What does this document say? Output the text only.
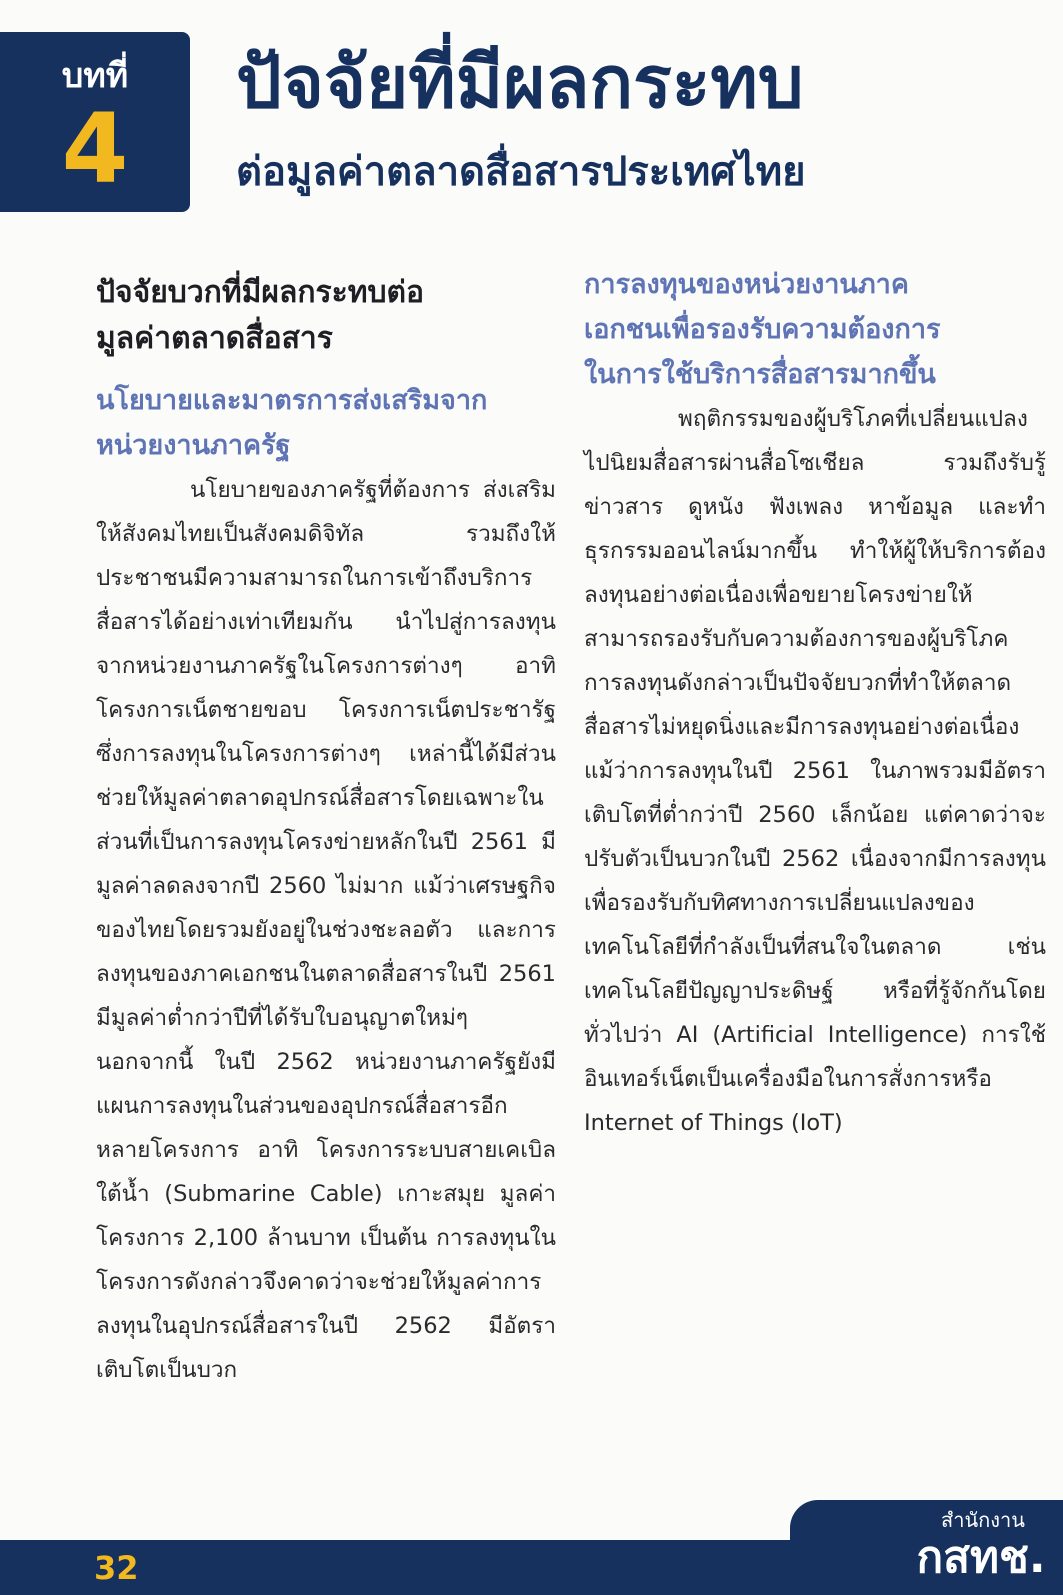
บทที่
4
ปัจจัยที่มีผลกระทบ
ต่อมูลค่าตลาดสื่อสารประเทศไทย
ปัจจัยบวกที่มีผลกระทบต่อ
มูลค่าตลาดสื่อสาร
นโยบายและมาตรการส่งเสริมจาก
หน่วยงานภาครัฐ

นโยบายของภาครัฐที่ต้องการ ส่งเสริมให้สังคมไทยเป็นสังคมดิจิทัล รวมถึงให้ประชาชนมีความสามารถในการเข้าถึงบริการสื่อสารได้อย่างเท่าเทียมกัน นำไปสู่การลงทุนจากหน่วยงานภาครัฐในโครงการต่างๆ อาทิ โครงการเน็ตชายขอบ โครงการเน็ตประชารัฐ ซึ่งการลงทุนในโครงการต่างๆ เหล่านี้ได้มีส่วนช่วยให้มูลค่าตลาดอุปกรณ์สื่อสารโดยเฉพาะในส่วนที่เป็นการลงทุนโครงข่ายหลักในปี 2561 มีมูลค่าลดลงจากปี 2560 ไม่มาก แม้ว่าเศรษฐกิจของไทยโดยรวมยังอยู่ในช่วงชะลอตัว และการลงทุนของภาคเอกชนในตลาดสื่อสารในปี 2561 มีมูลค่าต่ำกว่าปีที่ได้รับใบอนุญาตใหม่ๆ นอกจากนี้ ในปี 2562 หน่วยงานภาครัฐยังมีแผนการลงทุนในส่วนของอุปกรณ์สื่อสารอีกหลายโครงการ อาทิ โครงการระบบสายเคเบิลใต้น้ำ (Submarine Cable) เกาะสมุย มูลค่าโครงการ 2,100 ล้านบาท เป็นต้น การลงทุนในโครงการดังกล่าวจึงคาดว่าจะช่วยให้มูลค่าการลงทุนในอุปกรณ์สื่อสารในปี 2562 มีอัตราเติบโตเป็นบวก

การลงทุนของหน่วยงานภาค
เอกชนเพื่อรองรับความต้องการ
ในการใช้บริการสื่อสารมากขึ้น

พฤติกรรมของผู้บริโภคที่เปลี่ยนแปลงไปนิยมสื่อสารผ่านสื่อโซเชียล รวมถึงรับรู้ข่าวสาร ดูหนัง ฟังเพลง หาข้อมูล และทำธุรกรรมออนไลน์มากขึ้น ทำให้ผู้ให้บริการต้องลงทุนอย่างต่อเนื่องเพื่อขยายโครงข่ายให้สามารถรองรับกับความต้องการของผู้บริโภค การลงทุนดังกล่าวเป็นปัจจัยบวกที่ทำให้ตลาดสื่อสารไม่หยุดนิ่งและมีการลงทุนอย่างต่อเนื่องแม้ว่าการลงทุนในปี 2561 ในภาพรวมมีอัตราเติบโตที่ต่ำกว่าปี 2560 เล็กน้อย แต่คาดว่าจะปรับตัวเป็นบวกในปี 2562 เนื่องจากมีการลงทุนเพื่อรองรับกับทิศทางการเปลี่ยนแปลงของเทคโนโลยีที่กำลังเป็นที่สนใจในตลาด เช่น เทคโนโลยีปัญญาประดิษฐ์ หรือที่รู้จักกันโดยทั่วไปว่า AI (Artificial Intelligence) การใช้อินเทอร์เน็ตเป็นเครื่องมือในการสั่งการหรือ Internet of Things (IoT)

32
สำนักงาน
กสทช.
